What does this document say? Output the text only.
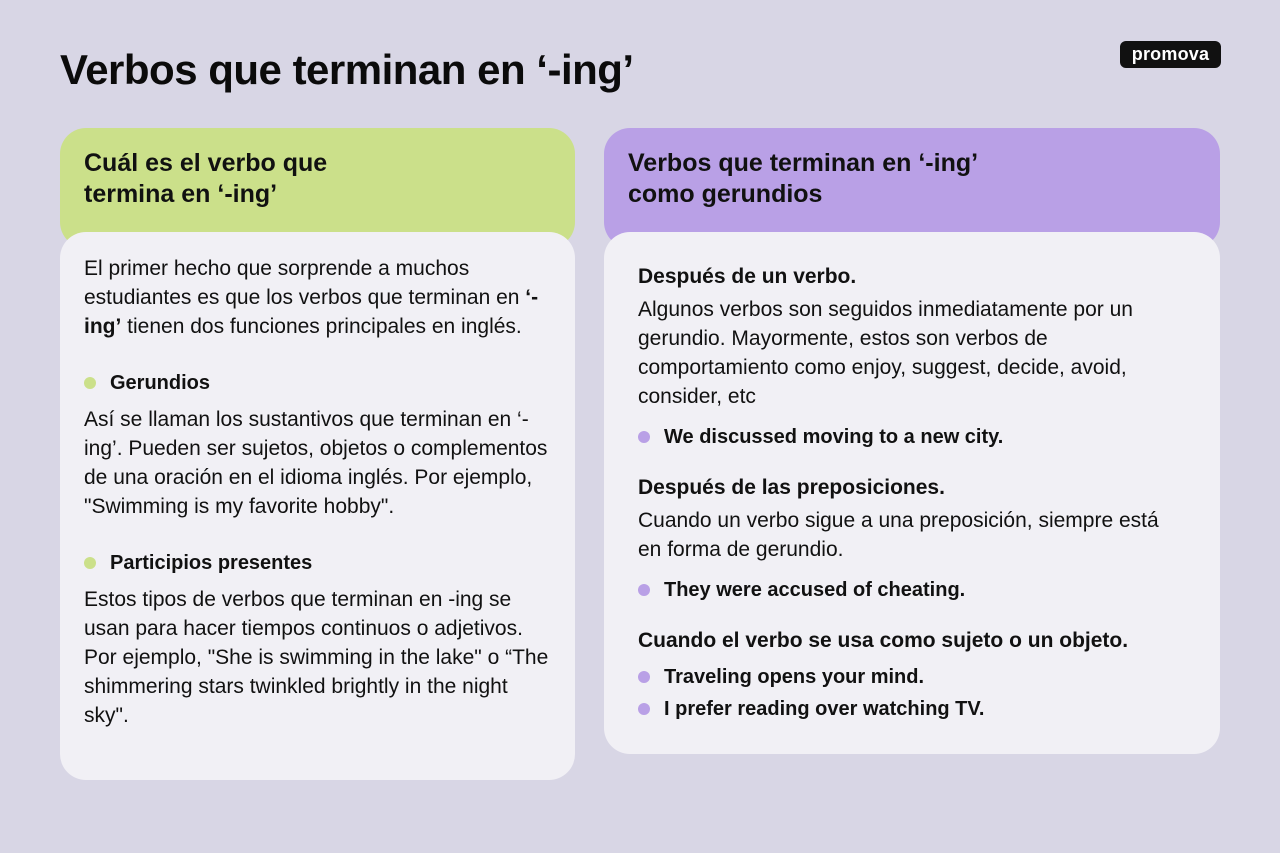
Verbos que terminan en ‘-ing’	promova
Cuál es el verbo que
termina en ‘-ing’

El primer hecho que sorprende a muchos estudiantes es que los verbos que terminan en ‘-ing’ tienen dos funciones principales en inglés.

Gerundios

Así se llaman los sustantivos que terminan en ‘-ing’. Pueden ser sujetos, objetos o complementos de una oración en el idioma inglés. Por ejemplo, "Swimming is my favorite hobby".

Participios presentes

Estos tipos de verbos que terminan en -ing se usan para hacer tiempos continuos o adjetivos. Por ejemplo, "She is swimming in the lake" o “The shimmering stars twinkled brightly in the night sky".

Verbos que terminan en ‘-ing’
como gerundios

Después de un verbo.

Algunos verbos son seguidos inmediatamente por un gerundio. Mayormente, estos son verbos de comportamiento como enjoy, suggest, decide, avoid, consider, etc

We discussed moving to a new city.

Después de las preposiciones.

Cuando un verbo sigue a una preposición, siempre está en forma de gerundio.

They were accused of cheating.

Cuando el verbo se usa como sujeto o un objeto.

Traveling opens your mind.
I prefer reading over watching TV.
